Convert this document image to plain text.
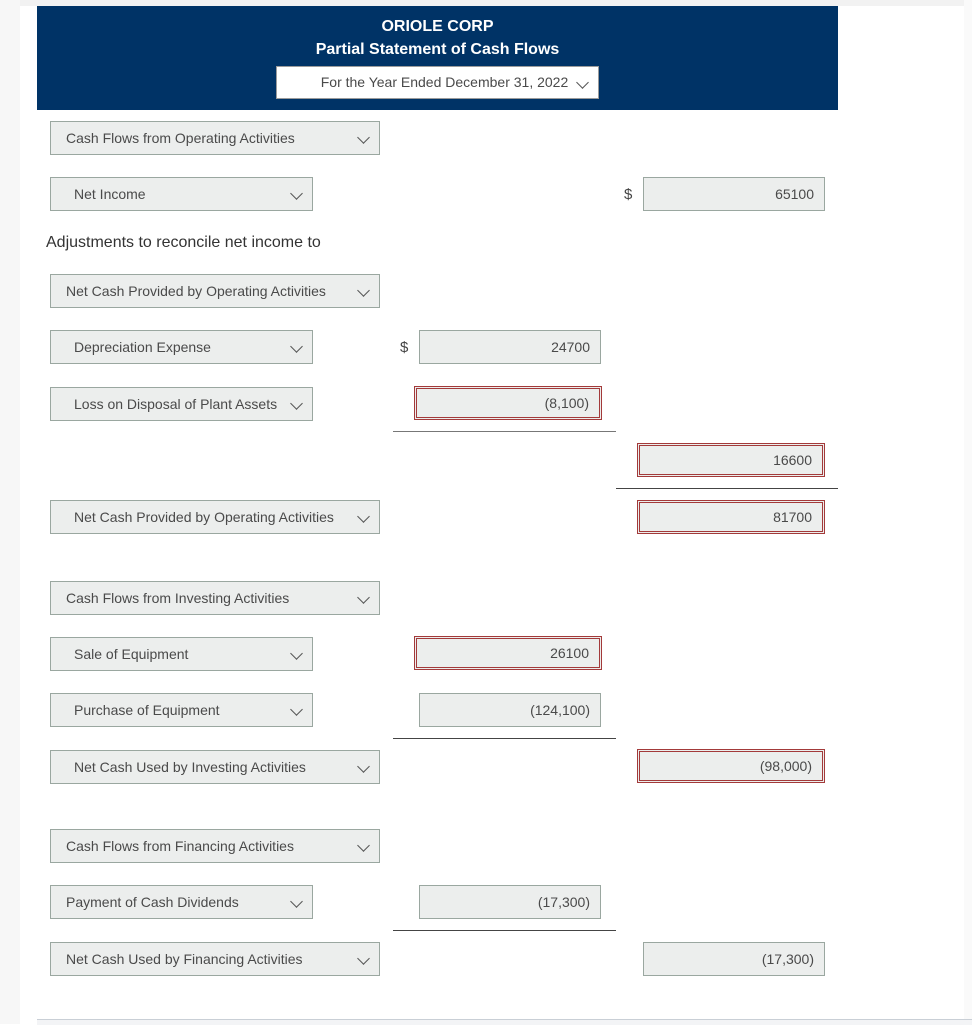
ORIOLE CORP
Partial Statement of Cash Flows
For the Year Ended December 31, 2022
Cash Flows from Operating Activities
Net Income	$	65100
Adjustments to reconcile net income to
Net Cash Provided by Operating Activities
Depreciation Expense	$	24700
Loss on Disposal of Plant Assets	(8,100)
16600
Net Cash Provided by Operating Activities	81700
Cash Flows from Investing Activities
Sale of Equipment	26100
Purchase of Equipment	(124,100)
Net Cash Used by Investing Activities	(98,000)
Cash Flows from Financing Activities
Payment of Cash Dividends	(17,300)
Net Cash Used by Financing Activities	(17,300)
